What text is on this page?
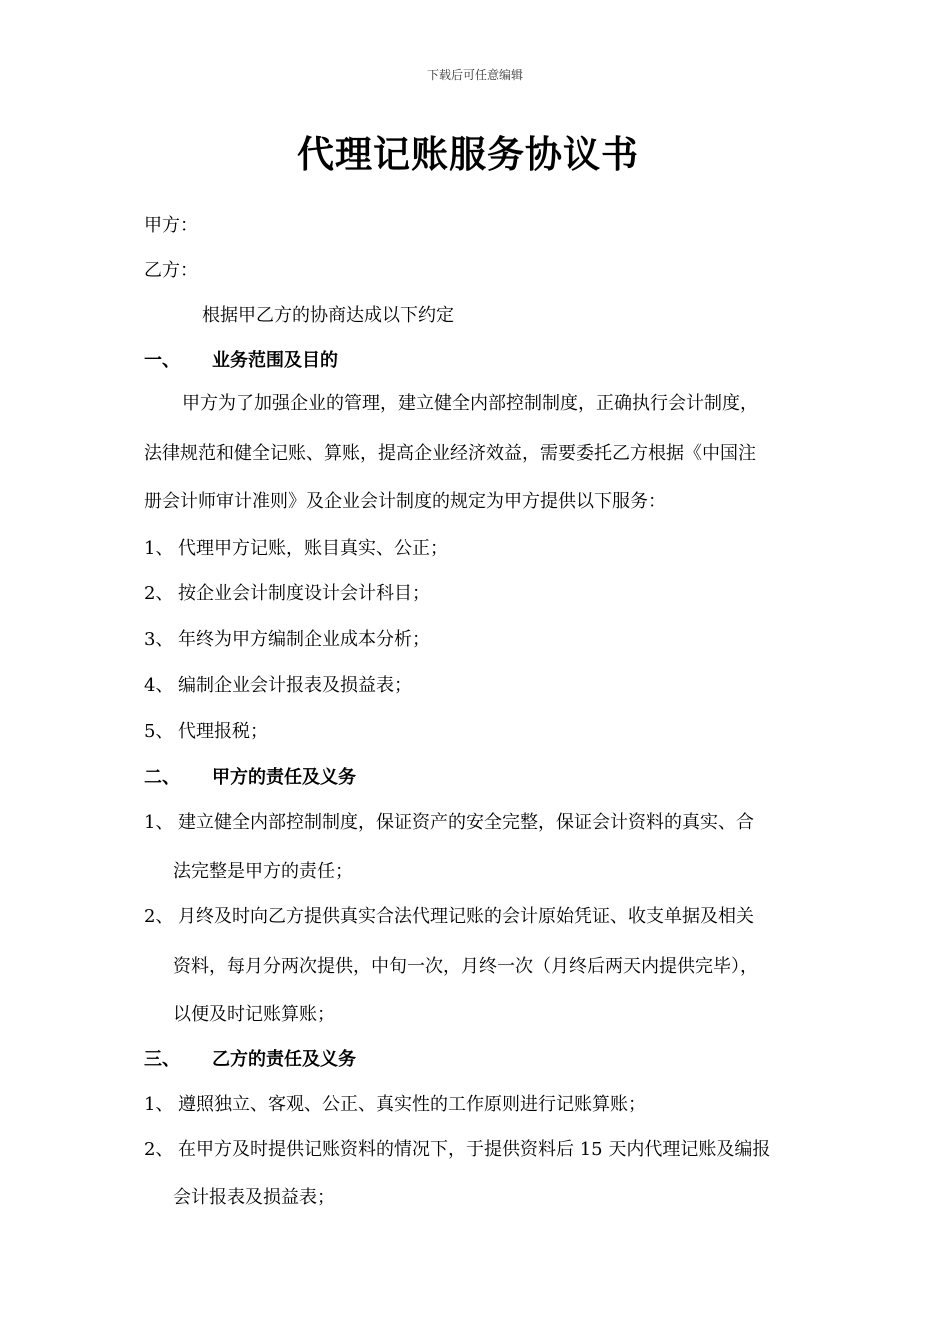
下载后可任意编辑
代理记账服务协议书
甲方：
乙方：
根据甲乙方的协商达成以下约定
一、 业务范围及目的
甲方为了加强企业的管理，建立健全内部控制制度，正确执行会计制度，
法律规范和健全记账、算账，提高企业经济效益，需要委托乙方根据《中国注
册会计师审计准则》及企业会计制度的规定为甲方提供以下服务：
1、 代理甲方记账，账目真实、公正；
2、 按企业会计制度设计会计科目；
3、 年终为甲方编制企业成本分析；
4、 编制企业会计报表及损益表；
5、 代理报税；
二、 甲方的责任及义务
1、 建立健全内部控制制度，保证资产的安全完整，保证会计资料的真实、合
法完整是甲方的责任；
2、 月终及时向乙方提供真实合法代理记账的会计原始凭证、收支单据及相关
资料，每月分两次提供，中旬一次，月终一次（月终后两天内提供完毕），
以便及时记账算账；
三、 乙方的责任及义务
1、 遵照独立、客观、公正、真实性的工作原则进行记账算账；
2、 在甲方及时提供记账资料的情况下，于提供资料后 15 天内代理记账及编报
会计报表及损益表；
